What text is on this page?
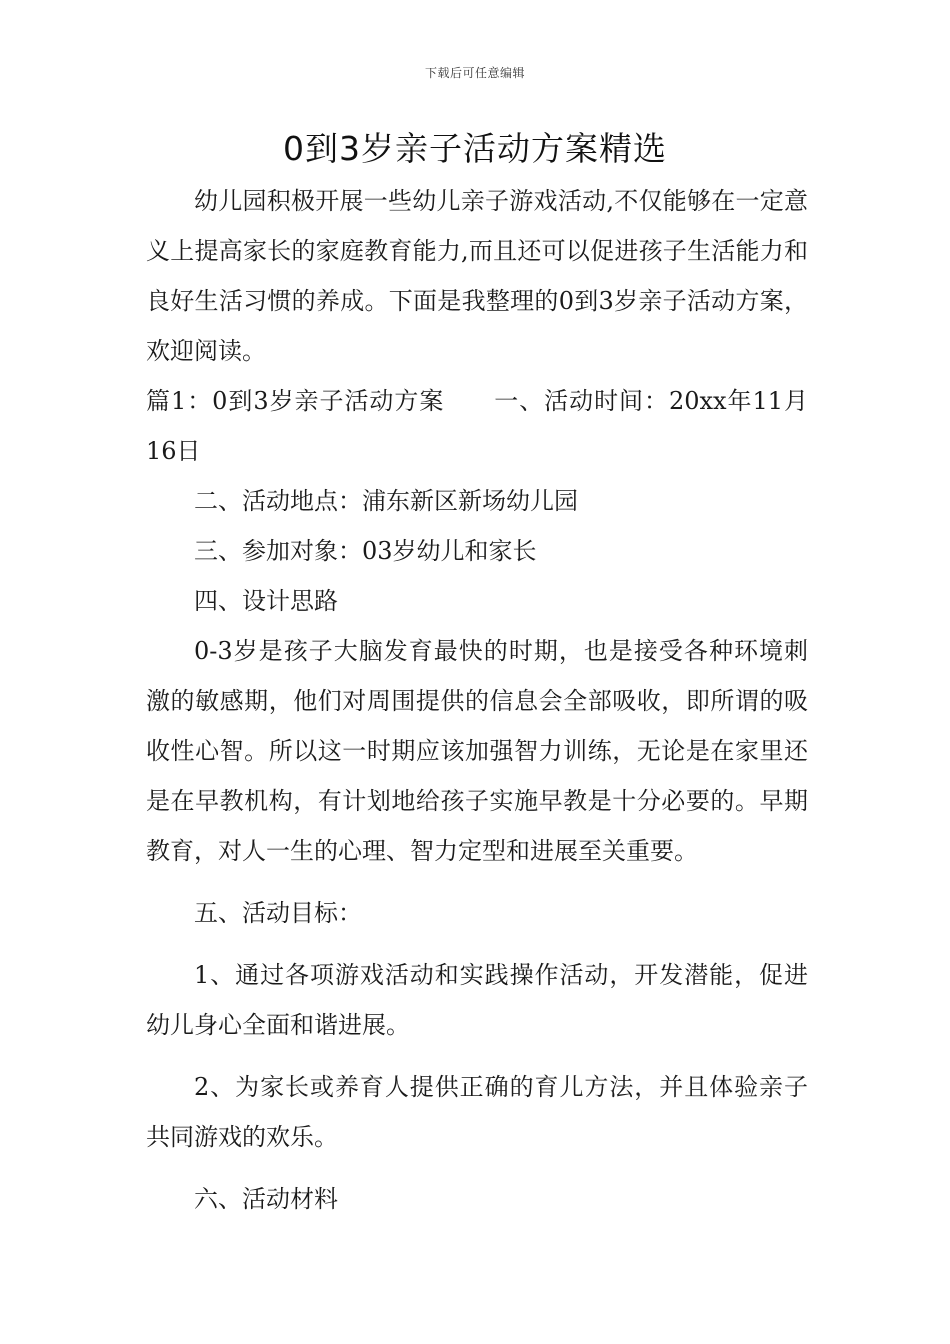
下载后可任意编辑
0到3岁亲子活动方案精选

幼儿园积极开展一些幼儿亲子游戏活动,不仅能够在一定意义上提高家长的家庭教育能力,而且还可以促进孩子生活能力和良好生活习惯的养成。下面是我整理的0到3岁亲子活动方案，欢迎阅读。

篇1：0到3岁亲子活动方案　　一、活动时间：20xx年11月16日

二、活动地点：浦东新区新场幼儿园

三、参加对象：03岁幼儿和家长

四、设计思路

0-3岁是孩子大脑发育最快的时期，也是接受各种环境刺激的敏感期，他们对周围提供的信息会全部吸收，即所谓的吸收性心智。所以这一时期应该加强智力训练，无论是在家里还是在早教机构，有计划地给孩子实施早教是十分必要的。早期教育，对人一生的心理、智力定型和进展至关重要。

五、活动目标：

1、通过各项游戏活动和实践操作活动，开发潜能，促进幼儿身心全面和谐进展。

2、为家长或养育人提供正确的育儿方法，并且体验亲子共同游戏的欢乐。

六、活动材料
